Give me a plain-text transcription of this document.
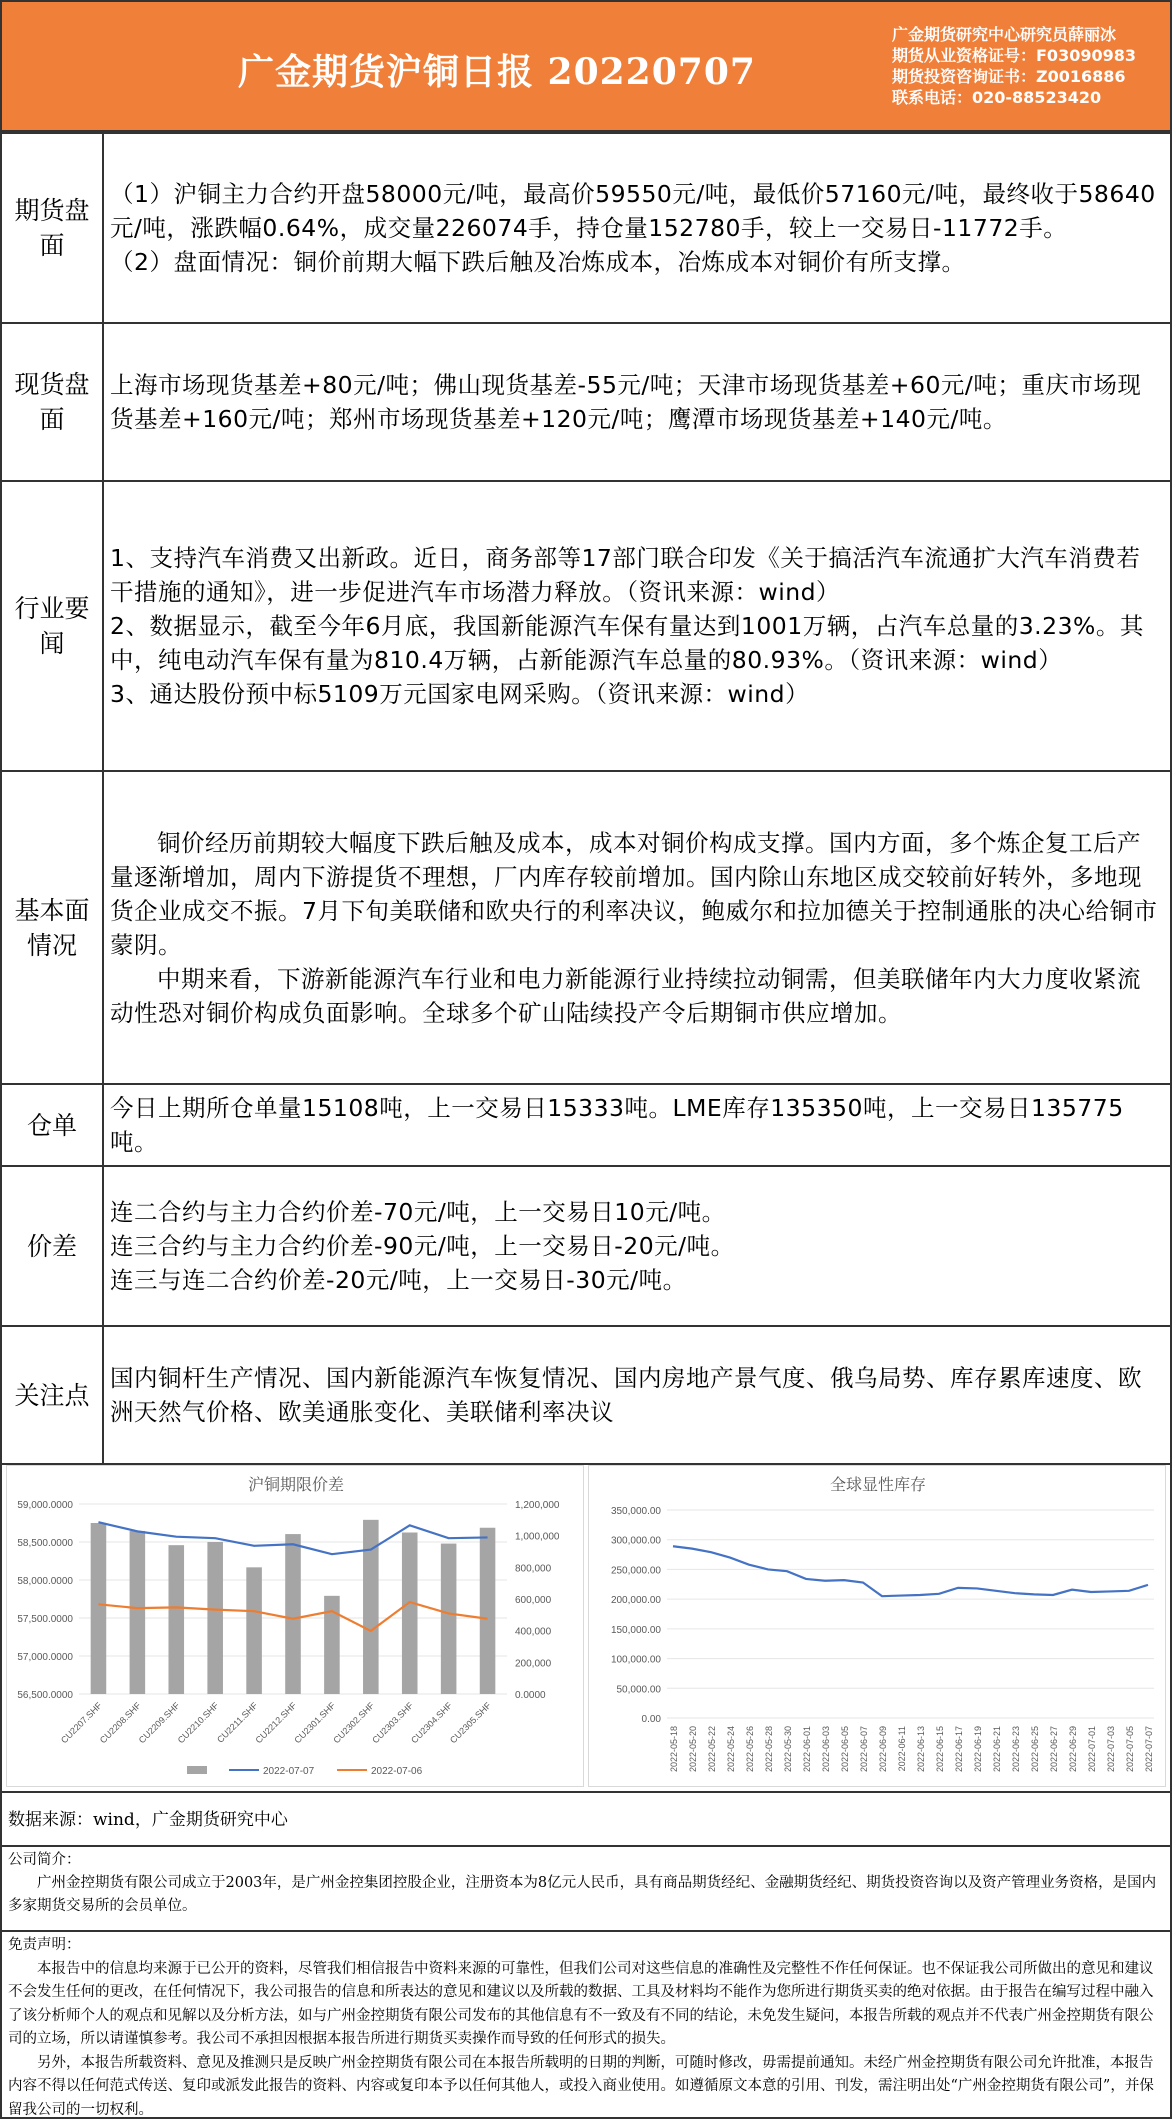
广金期货沪铜日报 20220707
广金期货研究中心研究员薛丽冰
期货从业资格证号：F03090983
期货投资咨询证书：Z0016886
联系电话：020-88523420
期货盘面	（1）沪铜主力合约开盘58000元/吨，最高价59550元/吨，最低价57160元/吨，最终收于58640元/吨，涨跌幅0.64%，成交量226074手，持仓量152780手，较上一交易日-11772手。

（2）盘面情况：铜价前期大幅下跌后触及冶炼成本，冶炼成本对铜价有所支撑。

现货盘面	上海市场现货基差+80元/吨；佛山现货基差-55元/吨；天津市场现货基差+60元/吨；重庆市场现货基差+160元/吨；郑州市场现货基差+120元/吨；鹰潭市场现货基差+140元/吨。

行业要闻	1、支持汽车消费又出新政。近日，商务部等17部门联合印发《关于搞活汽车流通扩大汽车消费若干措施的通知》，进一步促进汽车市场潜力释放。（资讯来源：wind）

2、数据显示，截至今年6月底，我国新能源汽车保有量达到1001万辆，占汽车总量的3.23%。其中，纯电动汽车保有量为810.4万辆，占新能源汽车总量的80.93%。（资讯来源：wind）

3、通达股份预中标5109万元国家电网采购。（资讯来源：wind）

基本面情况	铜价经历前期较大幅度下跌后触及成本，成本对铜价构成支撑。国内方面，多个炼企复工后产量逐渐增加，周内下游提货不理想，厂内库存较前增加。国内除山东地区成交较前好转外，多地现货企业成交不振。7月下旬美联储和欧央行的利率决议，鲍威尔和拉加德关于控制通胀的决心给铜市蒙阴。

中期来看，下游新能源汽车行业和电力新能源行业持续拉动铜需，但美联储年内大力度收紧流动性恐对铜价构成负面影响。全球多个矿山陆续投产令后期铜市供应增加。

仓单	今日上期所仓单量15108吨，上一交易日15333吨。LME库存135350吨，上一交易日135775吨。

价差	连二合约与主力合约价差-70元/吨，上一交易日10元/吨。

连三合约与主力合约价差-90元/吨，上一交易日-20元/吨。

连三与连二合约价差-20元/吨，上一交易日-30元/吨。

关注点	国内铜杆生产情况、国内新能源汽车恢复情况、国内房地产景气度、俄乌局势、库存累库速度、欧洲天然气价格、欧美通胀变化、美联储利率决议

沪铜期限价差
59,000.0000
58,500.0000
58,000.0000
57,500.0000
57,000.0000
56,500.0000
1,200,000
1,000,000
800,000
600,000
400,000
200,000
0.0000
CU2207.SHF
CU2208.SHF
CU2209.SHF
CU2210.SHF
CU2211.SHF
CU2212.SHF
CU2301.SHF
CU2302.SHF
CU2303.SHF
CU2304.SHF
CU2305.SHF
2022-07-07	2022-07-06
全球显性库存
350,000.00
300,000.00
250,000.00
200,000.00
150,000.00
100,000.00
50,000.00
0.00
2022-05-18 2022-05-20 2022-05-22 2022-05-24 2022-05-26 2022-05-28 2022-05-30 2022-06-01 2022-06-03 2022-06-05 2022-06-07 2022-06-09 2022-06-11 2022-06-13 2022-06-15 2022-06-17 2022-06-19 2022-06-21 2022-06-23 2022-06-25 2022-06-27 2022-06-29 2022-07-01 2022-07-03 2022-07-05 2022-07-07
数据来源：wind，广金期货研究中心
公司简介：
广州金控期货有限公司成立于2003年，是广州金控集团控股企业，注册资本为8亿元人民币，具有商品期货经纪、金融期货经纪、期货投资咨询以及资产管理业务资格，是国内多家期货交易所的会员单位。
免责声明：
本报告中的信息均来源于已公开的资料，尽管我们相信报告中资料来源的可靠性，但我们公司对这些信息的准确性及完整性不作任何保证。也不保证我公司所做出的意见和建议不会发生任何的更改，在任何情况下，我公司报告的信息和所表达的意见和建议以及所载的数据、工具及材料均不能作为您所进行期货买卖的绝对依据。由于报告在编写过程中融入了该分析师个人的观点和见解以及分析方法，如与广州金控期货有限公司发布的其他信息有不一致及有不同的结论，未免发生疑问，本报告所载的观点并不代表广州金控期货有限公司的立场，所以请谨慎参考。我公司不承担因根据本报告所进行期货买卖操作而导致的任何形式的损失。
另外，本报告所载资料、意见及推测只是反映广州金控期货有限公司在本报告所载明的日期的判断，可随时修改，毋需提前通知。未经广州金控期货有限公司允许批准，本报告内容不得以任何范式传送、复印或派发此报告的资料、内容或复印本予以任何其他人，或投入商业使用。如遵循原文本意的引用、刊发，需注明出处“广州金控期货有限公司”，并保留我公司的一切权利。
